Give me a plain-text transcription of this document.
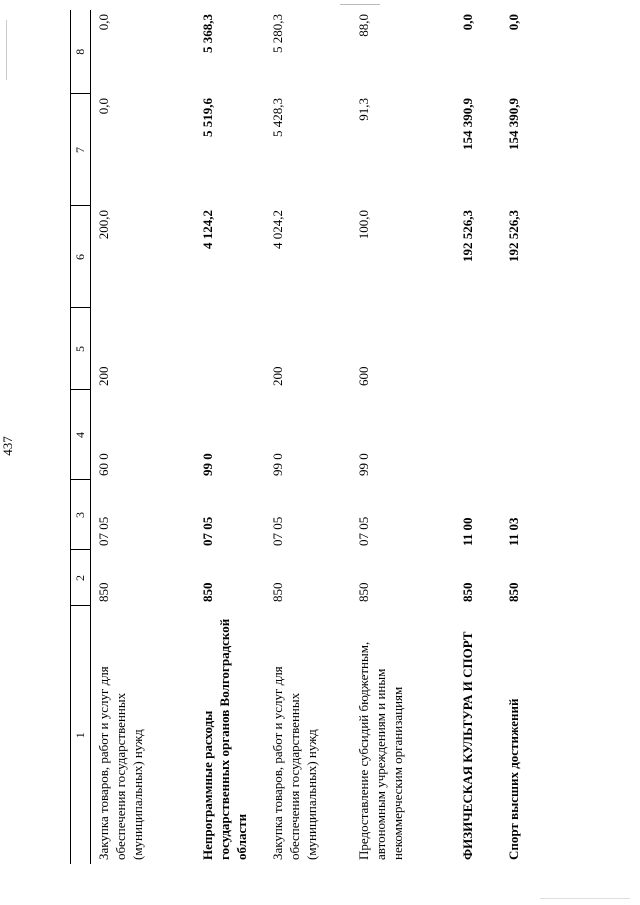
437
1	2	3	4	5	6	7	8
Закупка товаров, работ и услуг для обеспечения государственных (муниципальных) нужд	850	07 05	60 0	200	200,0	0,0	0,0
Непрограммные расходы государственных органов Волгоградской области	850	07 05	99 0		4 124,2	5 519,6	5 368,3
Закупка товаров, работ и услуг для обеспечения государственных (муниципальных) нужд	850	07 05	99 0	200	4 024,2	5 428,3	5 280,3
Предоставление субсидий бюджетным, автономным учреждениям и иным некоммерческим организациям	850	07 05	99 0	600	100,0	91,3	88,0
ФИЗИЧЕСКАЯ КУЛЬТУРА И СПОРТ	850	11 00			192 526,3	154 390,9	0,0
Спорт высших достижений	850	11 03			192 526,3	154 390,9	0,0
